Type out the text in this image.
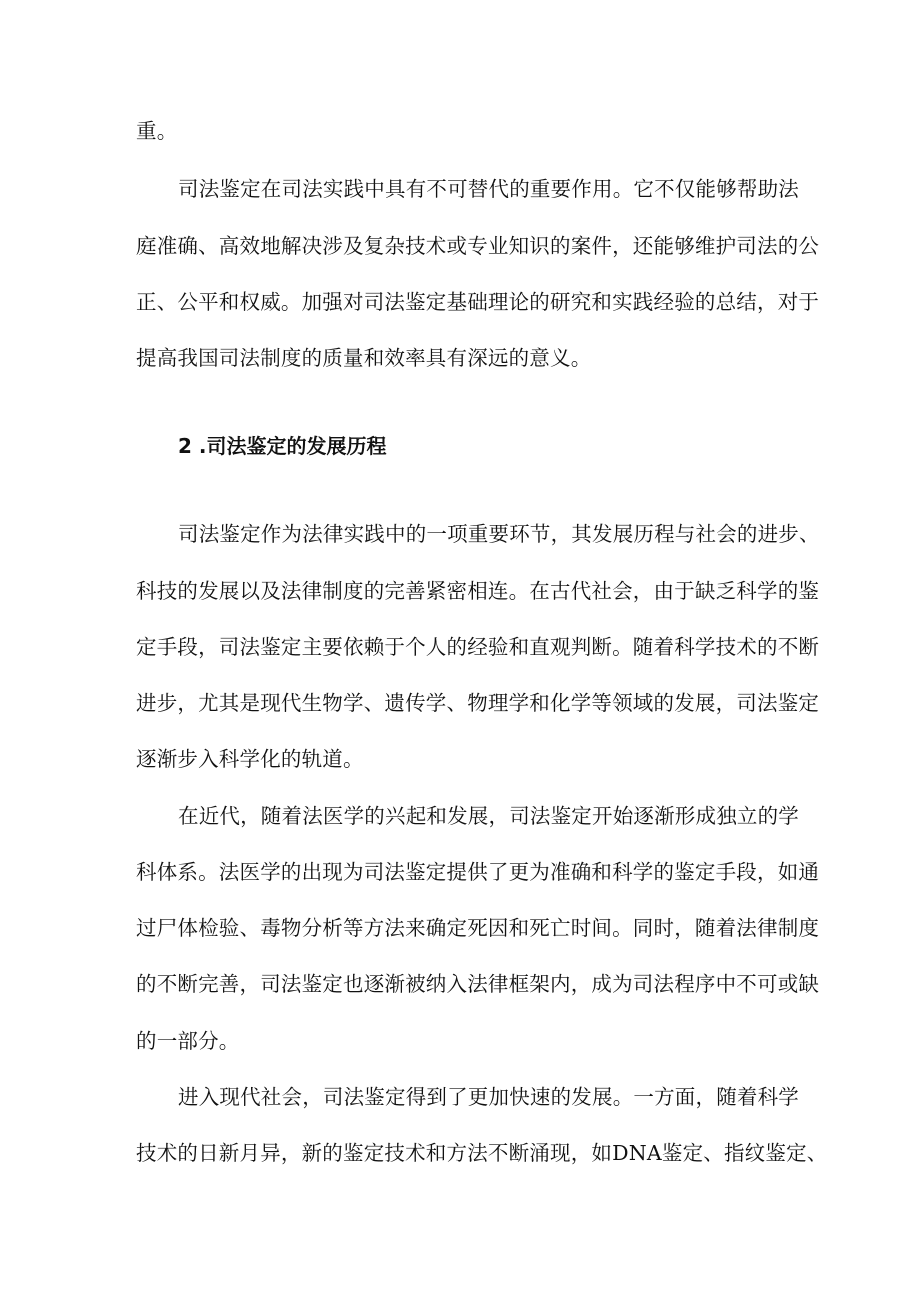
重。
司法鉴定在司法实践中具有不可替代的重要作用。它不仅能够帮助法
庭准确、高效地解决涉及复杂技术或专业知识的案件，还能够维护司法的公
正、公平和权威。加强对司法鉴定基础理论的研究和实践经验的总结，对于
提高我国司法制度的质量和效率具有深远的意义。
2 .司法鉴定的发展历程
司法鉴定作为法律实践中的一项重要环节，其发展历程与社会的进步、
科技的发展以及法律制度的完善紧密相连。在古代社会，由于缺乏科学的鉴
定手段，司法鉴定主要依赖于个人的经验和直观判断。随着科学技术的不断
进步，尤其是现代生物学、遗传学、物理学和化学等领域的发展，司法鉴定
逐渐步入科学化的轨道。
在近代，随着法医学的兴起和发展，司法鉴定开始逐渐形成独立的学
科体系。法医学的出现为司法鉴定提供了更为准确和科学的鉴定手段，如通
过尸体检验、毒物分析等方法来确定死因和死亡时间。同时，随着法律制度
的不断完善，司法鉴定也逐渐被纳入法律框架内，成为司法程序中不可或缺
的一部分。
进入现代社会，司法鉴定得到了更加快速的发展。一方面，随着科学
技术的日新月异，新的鉴定技术和方法不断涌现，如DNA鉴定、指纹鉴定、
